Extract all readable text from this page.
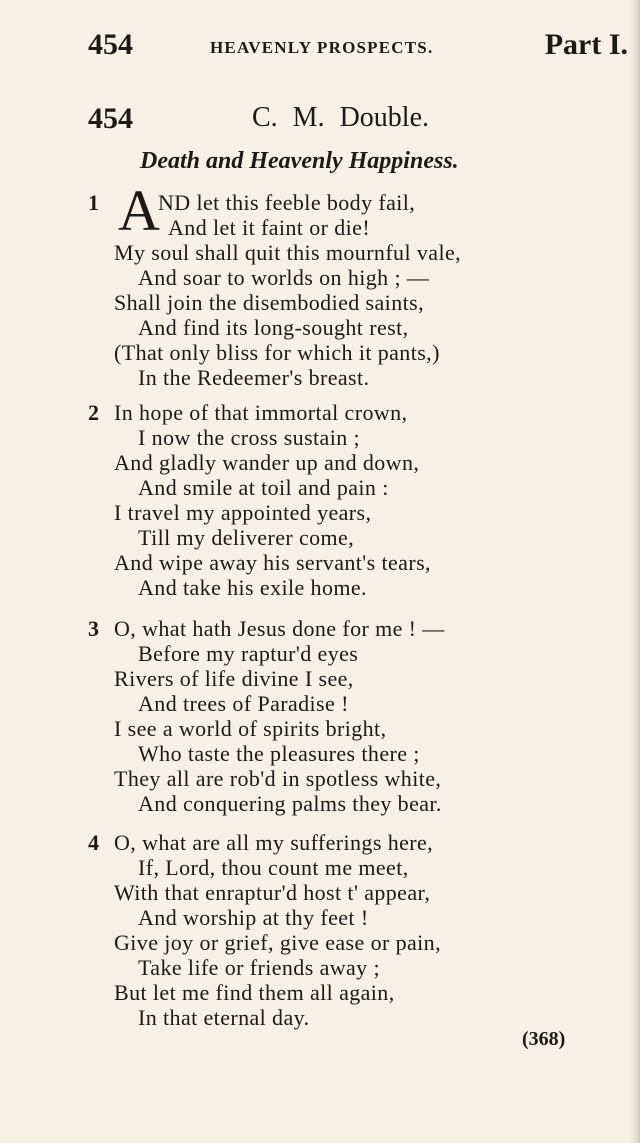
454	HEAVENLY PROSPECTS.	Part I.
454	C. M. Double.
Death and Heavenly Happiness.
1 A
ND let this feeble body fail,
And let it faint or die!
My soul shall quit this mournful vale,
And soar to worlds on high ; —
Shall join the disembodied saints,
And find its long-sought rest,
(That only bliss for which it pants,)
In the Redeemer's breast.
2 In hope of that immortal crown,
I now the cross sustain ;
And gladly wander up and down,
And smile at toil and pain :
I travel my appointed years,
Till my deliverer come,
And wipe away his servant's tears,
And take his exile home.
3 O, what hath Jesus done for me ! —
Before my raptur'd eyes
Rivers of life divine I see,
And trees of Paradise !
I see a world of spirits bright,
Who taste the pleasures there ;
They all are rob'd in spotless white,
And conquering palms they bear.
4 O, what are all my sufferings here,
If, Lord, thou count me meet,
With that enraptur'd host t' appear,
And worship at thy feet !
Give joy or grief, give ease or pain,
Take life or friends away ;
But let me find them all again,
In that eternal day.
(368)
